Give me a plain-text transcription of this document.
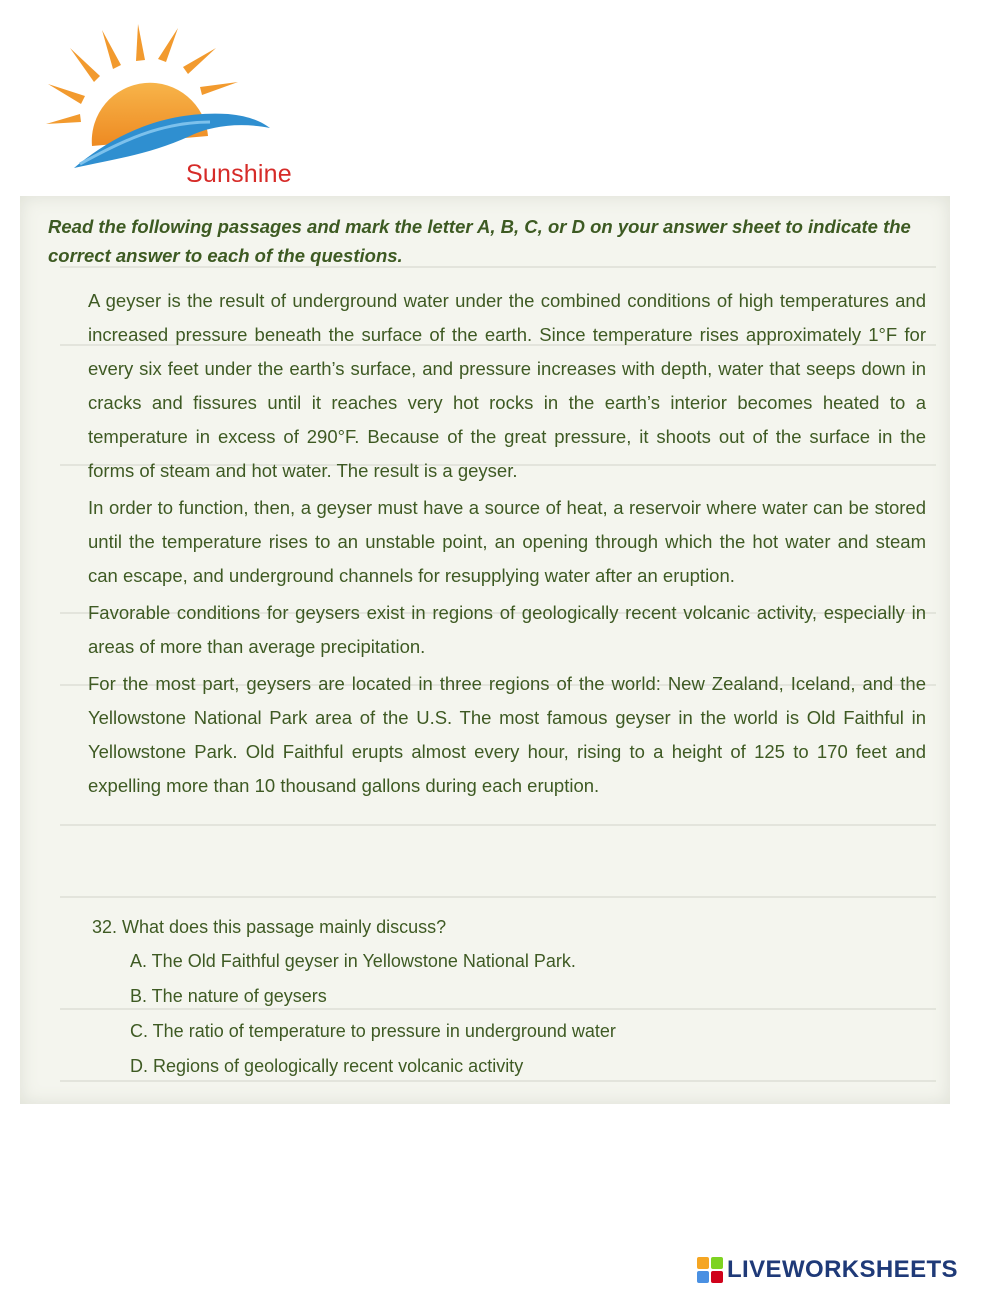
Sunshine
Read the following passages and mark the letter A, B, C, or D on your answer sheet to indicate the correct answer to each of the questions.

A geyser is the result of underground water under the combined conditions of high temperatures and increased pressure beneath the surface of the earth. Since temperature rises approximately 1°F for every six feet under the earth’s surface, and pressure increases with depth, water that seeps down in cracks and fissures until it reaches very hot rocks in the earth’s interior becomes heated to a temperature in excess of 290°F. Because of the great pressure, it shoots out of the surface in the forms of steam and hot water. The result is a geyser.

In order to function, then, a geyser must have a source of heat, a reservoir where water can be stored until the temperature rises to an unstable point, an opening through which the hot water and steam can escape, and underground channels for resupplying water after an eruption.

Favorable conditions for geysers exist in regions of geologically recent volcanic activity, especially in areas of more than average precipitation.

For the most part, geysers are located in three regions of the world: New Zealand, Iceland, and the Yellowstone National Park area of the U.S. The most famous geyser in the world is Old Faithful in Yellowstone Park. Old Faithful erupts almost every hour, rising to a height of 125 to 170 feet and expelling more than 10 thousand gallons during each eruption.

32. What does this passage mainly discuss?
A. The Old Faithful geyser in Yellowstone National Park.
B. The nature of geysers
C. The ratio of temperature to pressure in underground water
D. Regions of geologically recent volcanic activity
LIVEWORKSHEETS
